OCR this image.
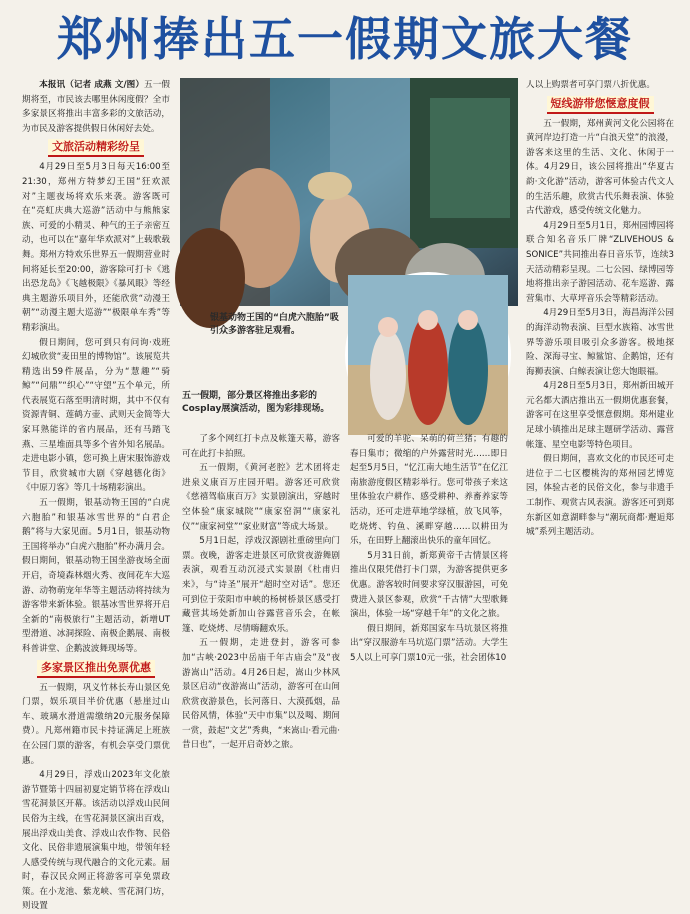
郑州捧出五一假期文旅大餐

本报讯（记者 成燕 文/图）五一假期将至，市民该去哪里休闲度假？全市多家景区将推出丰富多彩的文旅活动，为市民及游客提供假日休闲好去处。

文旅活动精彩纷呈

4月29日至5月3日每天16:00至21:30，郑州方特梦幻王国“狂欢派对”主题夜场将欢乐来袭。游客既可在“亮虹庆典大巡游”活动中与熊熊家族、可爱的小精灵、种气的王子亲密互动，也可以在“嘉年华欢派对”上载歌载舞。郑州方特欢乐世界五一假期营业时间将延长至20:00，游客除可打卡《逃出恐龙岛》《飞越极限》《暴风眼》等经典主题游乐项目外，还能欣赏“动漫王朝”“动漫主题大巡游”“极限单车秀”等精彩演出。

假日期间，您可到只有问询·戏班幻城欣赏“麦田里的博物馆”。该展览共精选出59件展品，分为“慧趣”“骑鲸”“问鼎”“织心”“守望”五个单元，所代表展览石落至明清时期，其中不仅有资源青铜、莲鹤方壶、武则天金简等大家耳熟能详的省内展品，还有马踏飞燕、三星堆面具等多个省外知名展品。走进电影小镇，您可换上唐宋服饰游戏节目，欣赏城市大剧《穿越德化街》《中原刀客》等几十场精彩演出。

五一假期，银基动物王国的“白虎六胞胎”和银基冰雪世界的“白君企鹅”将与大家见面。5月1日，银基动物王国将举办“白虎六胞胎”杯办满月会。假日期间，银基动物王国坐游夜场全面开启，奇境森林烟火秀、夜间花车大巡游、动物萌宠年华等主题活动将持续为游客带来新体验。银基冰雪世界将开启全新的“南极旅行”主题活动，新增UT型滑道、冰洞探险、南极企鹅展、南极科普讲堂、企鹅波波舞现场等。

多家景区推出免票优惠

五一假期，巩义竹林长寿山景区免门票，娱乐项目半价优惠（悬崖过山车、玻璃水滑道需缴纳20元服务保障费）。凡郑州籍市民卡持证满足上班族在公园门票的游客，有机会享受门票优惠。

4月29日，浮戏山2023年文化旅游节暨第十四届初夏定销节将在浮戏山雪花洞景区开幕。该活动以浮戏山民间民俗为主线，在雪花洞景区演出百戏，展出浮戏山美食、浮戏山农作物、民俗文化、民俗非遗展演集中地，带领年轻人感受传统与现代融合的文化元素。届时，春汉民众网正将游客可享免票政策。在小龙池、紫龙峡、雪花洞门坊，则设置

银基动物王国的“白虎六胞胎”吸引众多游客驻足观看。
五一假期，部分景区将推出多彩的Cosplay展演活动，图为彩排现场。

了多个网红打卡点及帐篷天幕，游客可在此打卡拍照。

五一假期，《黄河老腔》艺术团将走进泉义康百万庄园开唱。游客还可欣赏《慈禧驾临康百万》实景剧演出，穿越时空体验“康家城院”“康家窑洞”“康家礼仪”“康家祠堂”“家业财富”等成大场景。

5月1日起，浮戏汉源剧社重磅里向门票。夜晚，游客走进景区可欣赏夜游舞剧表演，观看互动沉浸式实景剧《杜甫归来》，与“诗圣”展开“超时空对话”。您还可到位于荥阳市申峡的杨树桥景区感受打藏营其场处新加山谷露营音乐会，在帐篷、吃烧烤、尽情嗨翻欢乐。

五一假期，走进登封，游客可参加“古峡·2023中岳庙千年古庙会”及“夜游嵩山”活动。4月26日起，嵩山少林风景区启动“夜游嵩山”活动，游客可在山间欣赏夜游景色，长河落日、大漠孤烟，品民俗风情，体验“天中市集”以及喝、期间一赏，鼓起“文艺”秀典，“来嵩山·看元曲·昔日也”，一起开启奇妙之旅。

可爱的羊驼、呆萌的荷兰猪；有趣的春日集市；微缩的户外露营时光……即日起至5月5日，“忆江南大地生活节”在亿江南旅游度假区精彩举行。您可带孩子来这里体验农户耕作、感受耕种、养畜养家等活动，还可走进草地学绿植，放飞风筝，吃烧烤、钓鱼、溪畔穿越……以耕田为乐，在田野上翻滚出快乐的童年回忆。

5月31日前，新郑黄帝千古情景区将推出仅限凭借打卡门票，为游客提供更多优惠。游客较时间要求穿汉服游园，可免费进入景区参观，欣赏“千古情”大型歌舞演出，体验一场“穿越千年”的文化之旅。

假日期间，新郑国家车马坑景区将推出“穿汉服游车马坑巡门票”活动。大学生5人以上可享门票10元一张，社会团体10

人以上购票者可享门票八折优惠。

短线游带您惬意度假

五一假期，郑州黄河文化公园将在黄河岸边打造一片“白浪天堂”的浪漫，游客来这里的生活、文化、休闲于一体。4月29日，该公园将推出“华夏古韵·文化游”活动，游客可体验古代文人的生活乐趣，欣赏古代乐舞表演、体验古代游戏，感受传统文化魅力。

4月29日至5月1日，郑州园博园将联合知名音乐厂牌“ZLIVEHOUS & SONICE”共同推出春日音乐节，连续3天活动精彩呈现。二七公园、绿博园等地将推出亲子游园活动、花车巡游、露营集市、大草坪音乐会等精彩活动。

4月29日至5月3日，海昌海洋公园的海洋动物表演、巨型水族箱、冰雪世界等游乐项目吸引众多游客。极地探险、深海寻宝、鲸鲨馆、企鹅馆，还有海狮表演、白鲸表演让您大饱眼福。

4月28日至5月3日，郑州新田城开元名都大酒店推出五一假期优惠套餐，游客可在这里享受惬意假期。郑州建业足球小镇推出足球主题研学活动、露营帐篷、星空电影等特色项目。

假日期间，喜欢文化的市民还可走进位于二七区樱桃沟的郑州园艺博览园，体验古老的民俗文化，参与非遗手工制作、观赏古风表演。游客还可到郑东新区如意湖畔参与“潮玩商都·邂逅郑城”系列主题活动。
